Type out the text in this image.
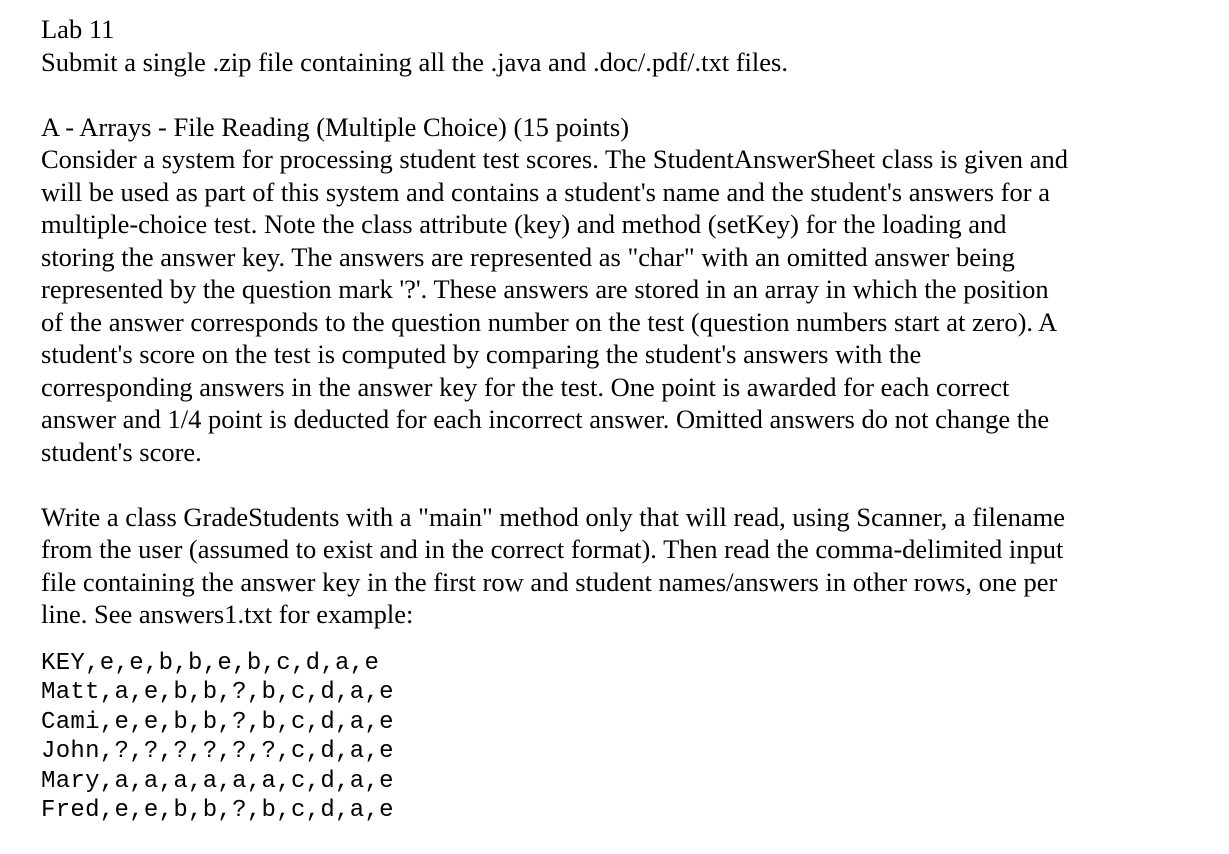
Lab 11
Submit a single .zip file containing all the .java and .doc/.pdf/.txt files.
A - Arrays - File Reading (Multiple Choice) (15 points)
Consider a system for processing student test scores. The StudentAnswerSheet class is given and
will be used as part of this system and contains a student's name and the student's answers for a
multiple-choice test. Note the class attribute (key) and method (setKey) for the loading and
storing the answer key. The answers are represented as "char" with an omitted answer being
represented by the question mark '?'. These answers are stored in an array in which the position
of the answer corresponds to the question number on the test (question numbers start at zero). A
student's score on the test is computed by comparing the student's answers with the
corresponding answers in the answer key for the test. One point is awarded for each correct
answer and 1/4 point is deducted for each incorrect answer. Omitted answers do not change the
student's score.
Write a class GradeStudents with a "main" method only that will read, using Scanner, a filename
from the user (assumed to exist and in the correct format). Then read the comma-delimited input
file containing the answer key in the first row and student names/answers in other rows, one per
line. See answers1.txt for example:
KEY,e,e,b,b,e,b,c,d,a,e
Matt,a,e,b,b,?,b,c,d,a,e
Cami,e,e,b,b,?,b,c,d,a,e
John,?,?,?,?,?,?,c,d,a,e
Mary,a,a,a,a,a,a,c,d,a,e
Fred,e,e,b,b,?,b,c,d,a,e
